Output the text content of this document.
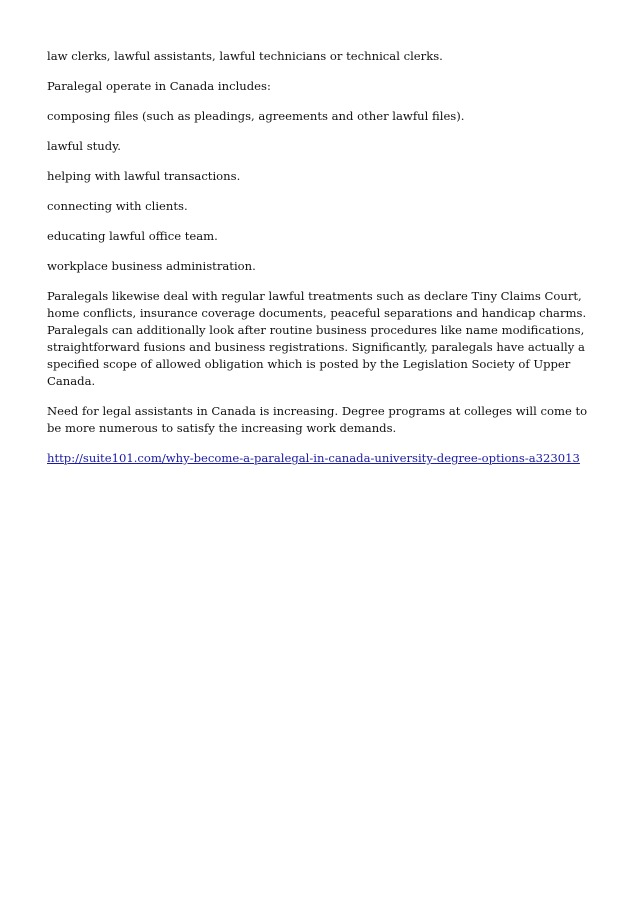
law clerks, lawful assistants, lawful technicians or technical clerks.

Paralegal operate in Canada includes:

composing files (such as pleadings, agreements and other lawful files).

lawful study.

helping with lawful transactions.

connecting with clients.

educating lawful office team.

workplace business administration.

Paralegals likewise deal with regular lawful treatments such as declare Tiny Claims Court, home conflicts, insurance coverage documents, peaceful separations and handicap charms. Paralegals can additionally look after routine business procedures like name modifications, straightforward fusions and business registrations. Significantly, paralegals have actually a specified scope of allowed obligation which is posted by the Legislation Society of Upper Canada.

Need for legal assistants in Canada is increasing. Degree programs at colleges will come to be more numerous to satisfy the increasing work demands.

http://suite101.com/why-become-a-paralegal-in-canada-university-degree-options-a323013
